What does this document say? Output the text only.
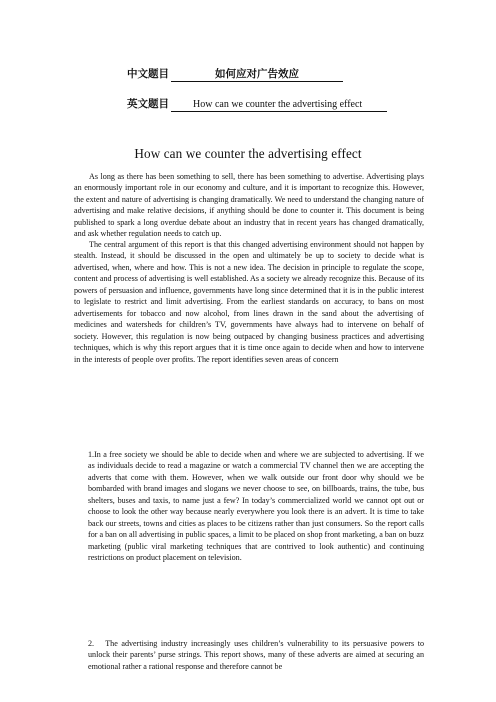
中文题目	如何应对广告效应
英文题目 How can we counter the advertising effect
How can we counter the advertising effect
As long as there has been something to sell, there has been something to advertise. Advertising plays an enormously important role in our economy and culture, and it is important to recognize this. However, the extent and nature of advertising is changing dramatically. We need to understand the changing nature of advertising and make relative decisions, if anything should be done to counter it. This document is being published to spark a long overdue debate about an industry that in recent years has changed dramatically, and ask whether regulation needs to catch up.
The central argument of this report is that this changed advertising environment should not happen by stealth. Instead, it should be discussed in the open and ultimately be up to society to decide what is advertised, when, where and how. This is not a new idea. The decision in principle to regulate the scope, content and process of advertising is well established. As a society we already recognize this. Because of its powers of persuasion and influence, governments have long since determined that it is in the public interest to legislate to restrict and limit advertising. From the earliest standards on accuracy, to bans on most advertisements for tobacco and now alcohol, from lines drawn in the sand about the advertising of medicines and watersheds for children’s TV, governments have always had to intervene on behalf of society. However, this regulation is now being outpaced by changing business practices and advertising techniques, which is why this report argues that it is time once again to decide when and how to intervene in the interests of people over profits. The report identifies seven areas of concern
1.In a free society we should be able to decide when and where we are subjected to advertising. If we as individuals decide to read a magazine or watch a commercial TV channel then we are accepting the adverts that come with them. However, when we walk outside our front door why should we be bombarded with brand images and slogans we never choose to see, on billboards, trains, the tube, bus shelters, buses and taxis, to name just a few? In today’s commercialized world we cannot opt out or choose to look the other way because nearly everywhere you look there is an advert. It is time to take back our streets, towns and cities as places to be citizens rather than just consumers. So the report calls for a ban on all advertising in public spaces, a limit to be placed on shop front marketing, a ban on buzz marketing (public viral marketing techniques that are contrived to look authentic) and continuing restrictions on product placement on television.
2.　The advertising industry increasingly uses children’s vulnerability to its persuasive powers to unlock their parents’ purse strings. This report shows, many of these adverts are aimed at securing an emotional rather a rational response and therefore cannot be
